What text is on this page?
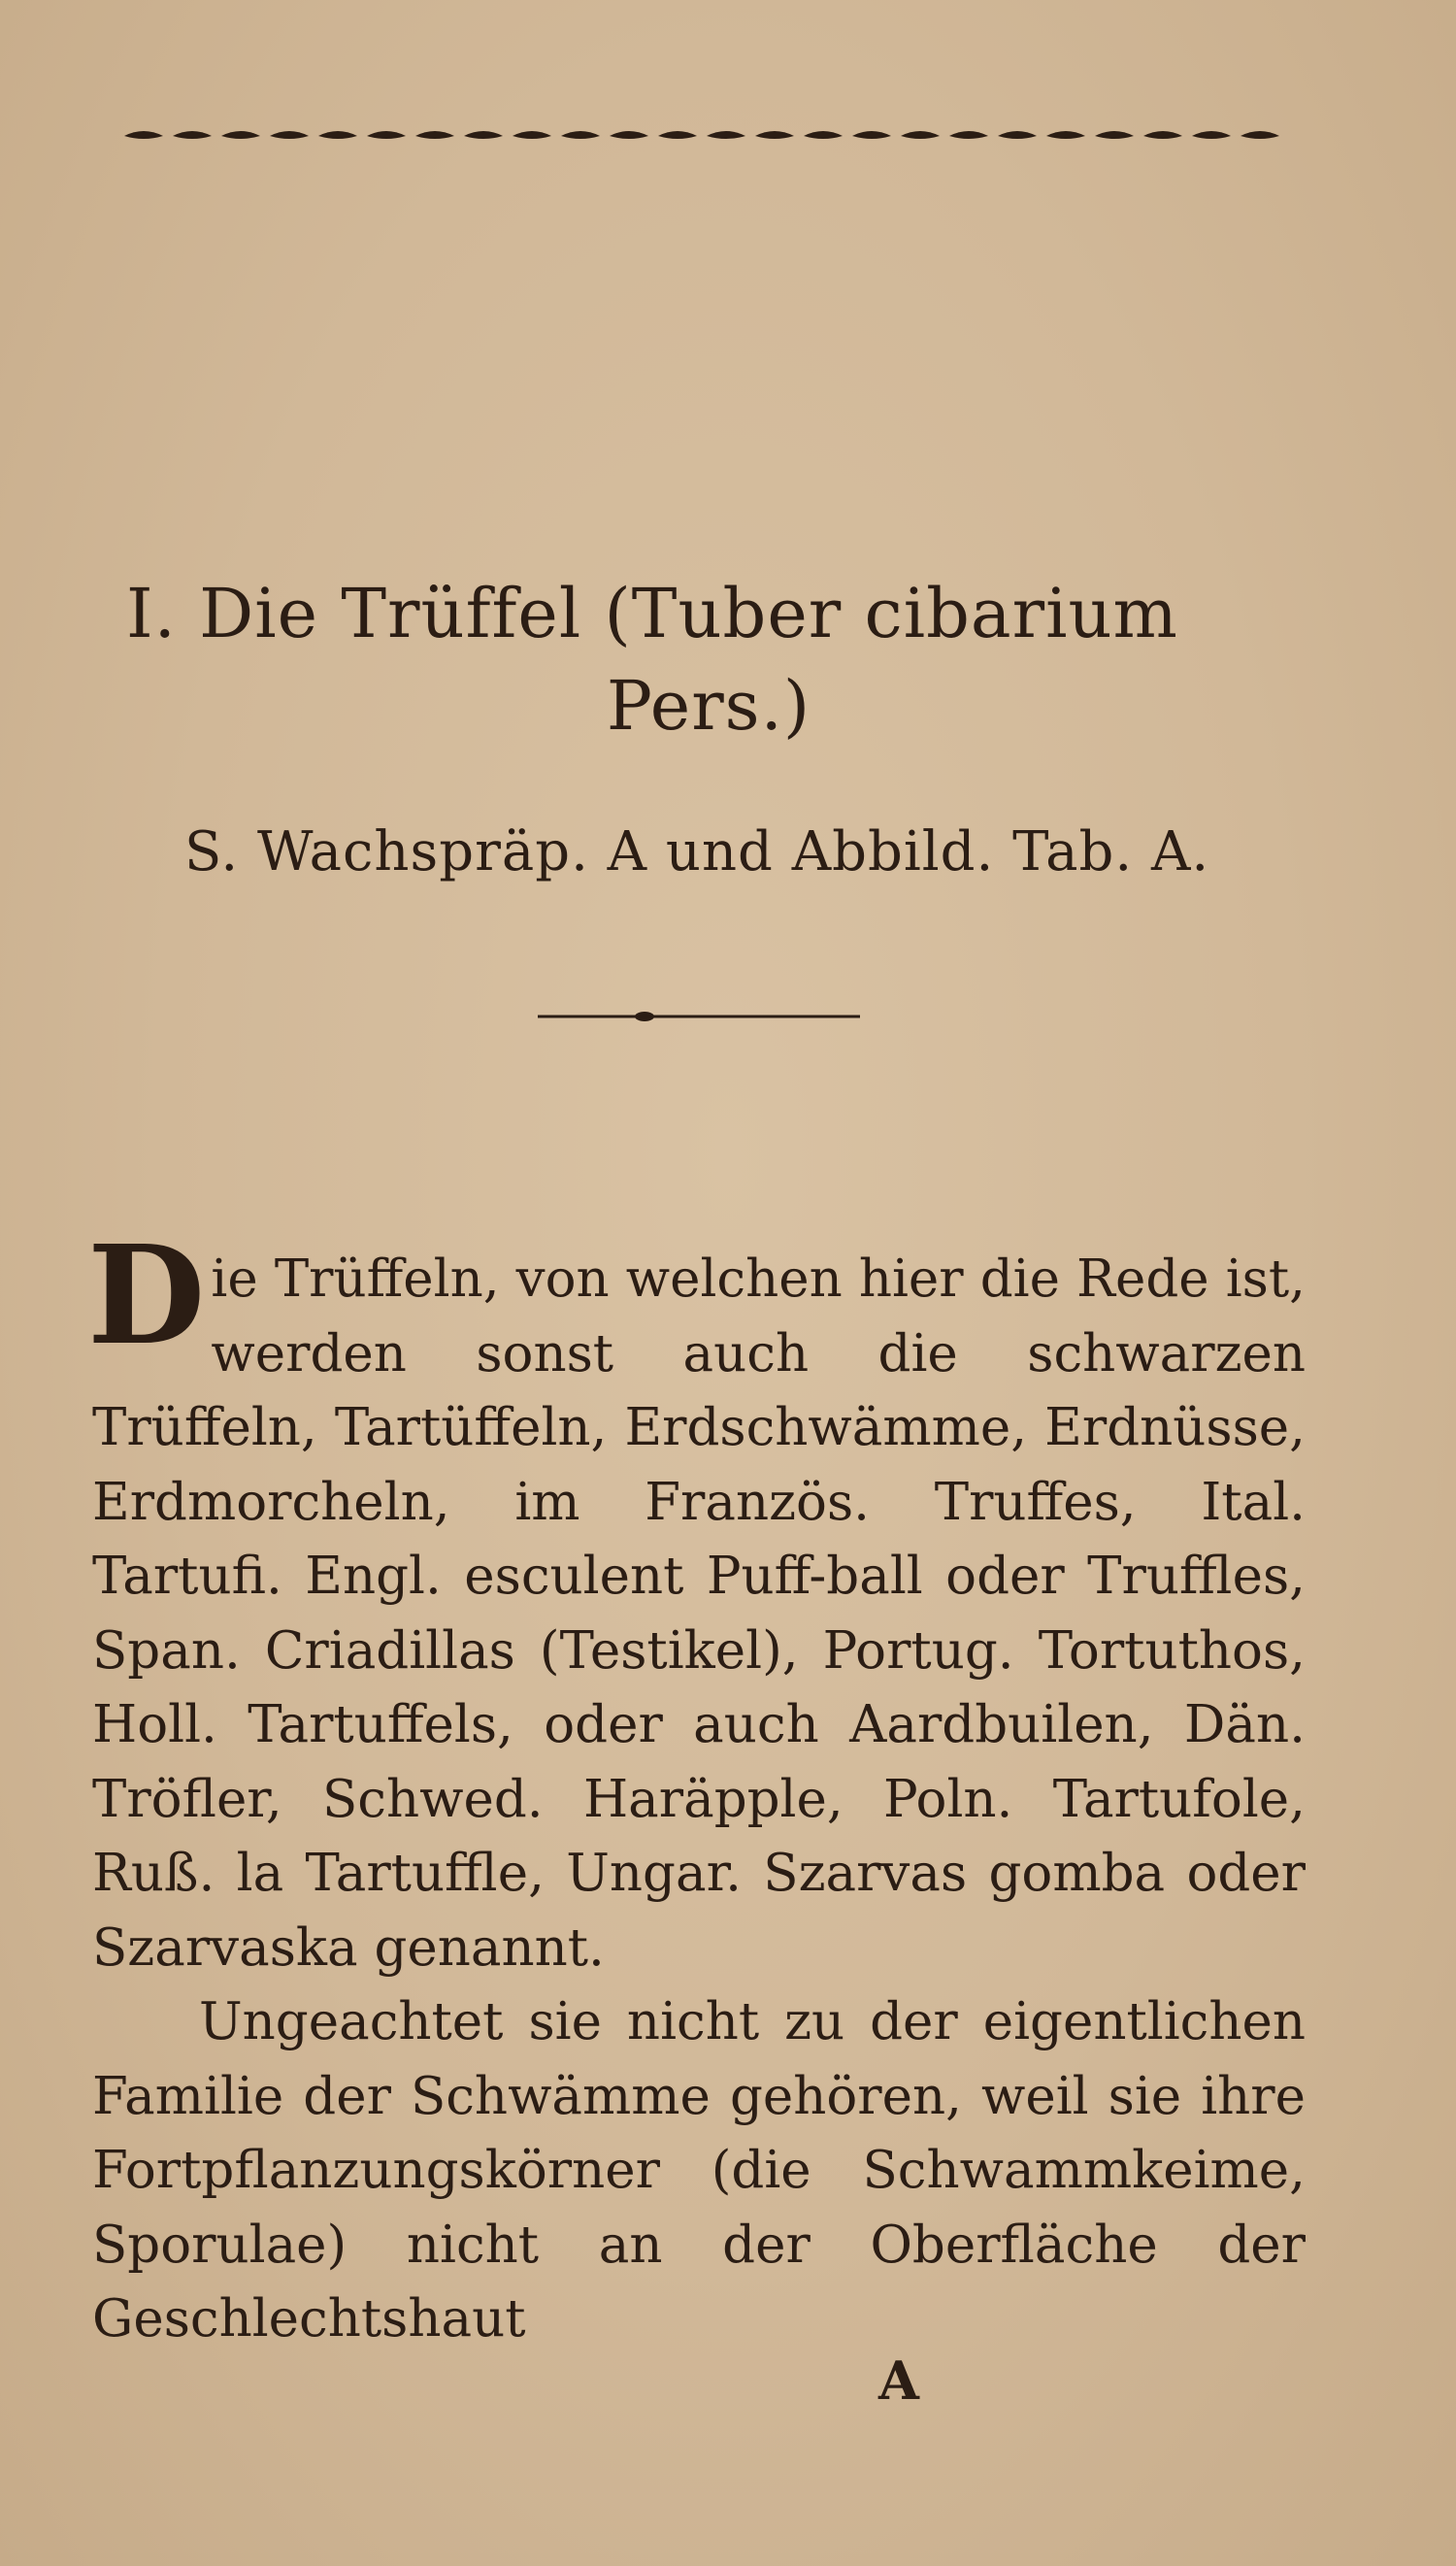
I. Die Trüffel (Tuber cibarium
Pers.)
S. Wachspräp. A und Abbild. Tab. A.

Die Trüffeln, von welchen hier die Rede ist, werden sonst auch die schwarzen Trüffeln, Tartüffeln, Erdschwämme, Erdnüsse, Erdmorcheln, im Französ. Truffes, Ital. Tartufi. Engl. esculent Puff-ball oder Truffles, Span. Criadillas (Testikel), Portug. Tortuthos, Holl. Tartuffels, oder auch Aardbuilen, Dän. Tröfler, Schwed. Haräpple, Poln. Tartufole, Ruß. la Tartuffle, Ungar. Szarvas gomba oder Szarvaska genannt.

Ungeachtet sie nicht zu der eigentlichen Familie der Schwämme gehören, weil sie ihre Fortpflanzungskörner (die Schwammkeime, Sporulae) nicht an der Oberfläche der Geschlechtshaut

A
